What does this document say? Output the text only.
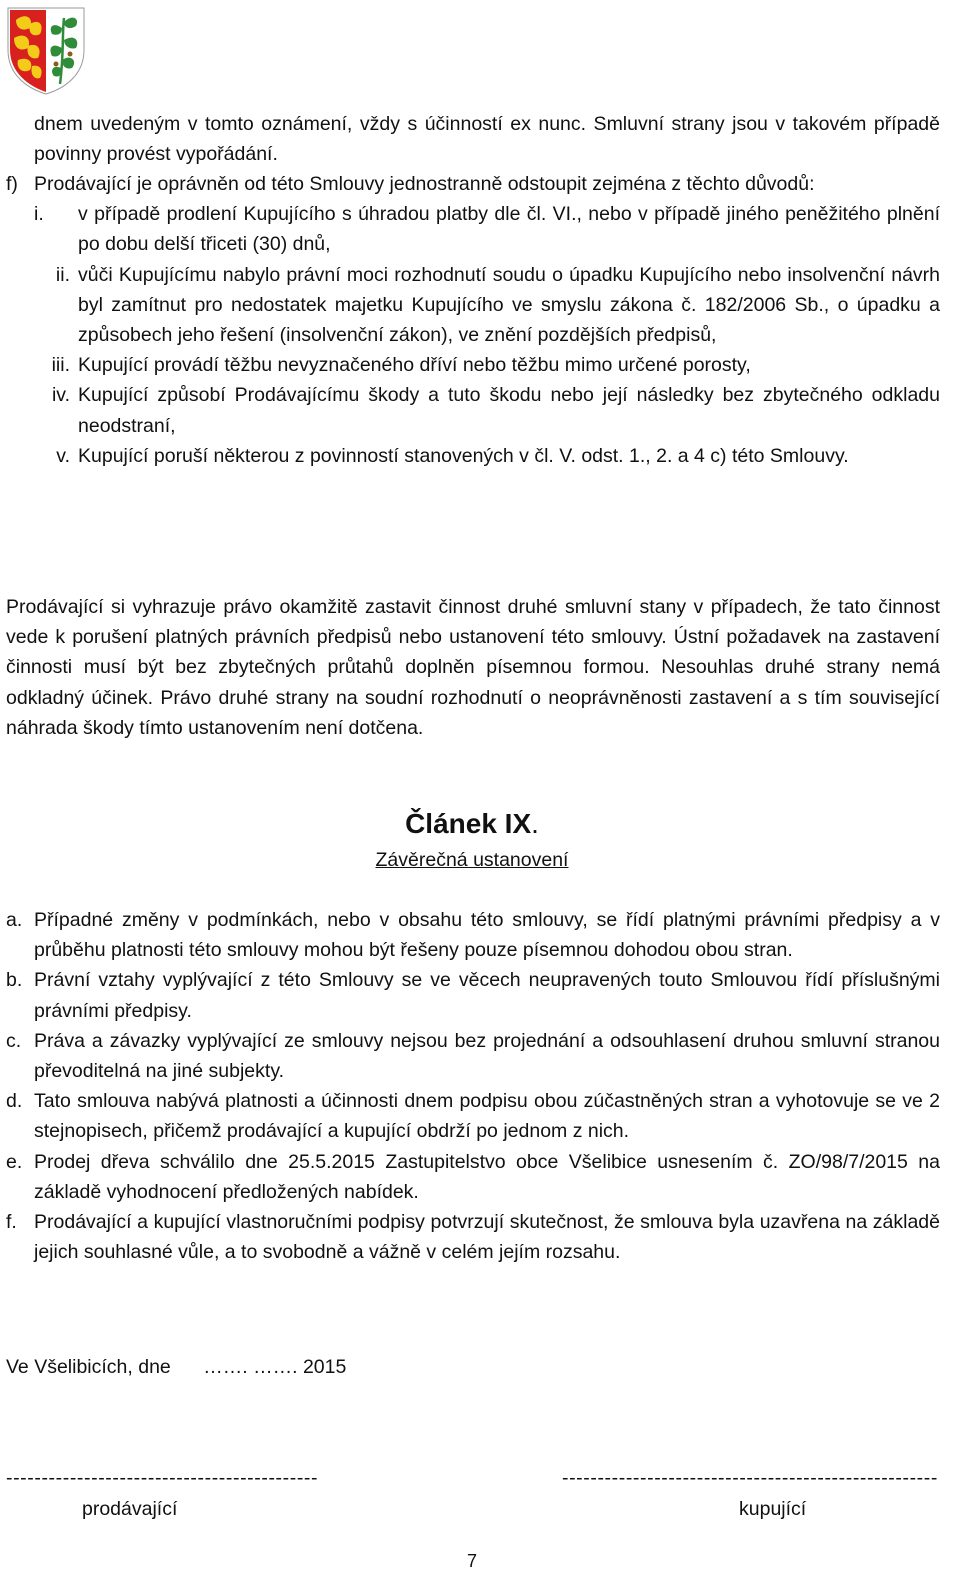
dnem uvedeným v tomto oznámení, vždy s účinností ex nunc. Smluvní strany jsou v takovém případě povinny provést vypořádání.
f) Prodávající je oprávněn od této Smlouvy jednostranně odstoupit zejména z těchto důvodů:
i.	v případě prodlení Kupujícího s úhradou platby dle čl. VI., nebo v případě jiného peněžitého plnění po dobu delší třiceti (30) dnů,
ii. vůči Kupujícímu nabylo právní moci rozhodnutí soudu o úpadku Kupujícího nebo insolvenční návrh byl zamítnut pro nedostatek majetku Kupujícího ve smyslu zákona č. 182/2006 Sb., o úpadku a způsobech jeho řešení (insolvenční zákon), ve znění pozdějších předpisů,
iii. Kupující provádí těžbu nevyznačeného dříví nebo těžbu mimo určené porosty,
iv. Kupující způsobí Prodávajícímu škody a tuto škodu nebo její následky bez zbytečného odkladu neodstraní,
v. Kupující poruší některou z povinností stanovených v čl. V. odst. 1., 2. a 4 c) této Smlouvy.
Prodávající si vyhrazuje právo okamžitě zastavit činnost druhé smluvní stany v případech, že tato činnost vede k porušení platných právních předpisů nebo ustanovení této smlouvy. Ústní požadavek na zastavení činnosti musí být bez zbytečných průtahů doplněn písemnou formou. Nesouhlas druhé strany nemá odkladný účinek. Právo druhé strany na soudní rozhodnutí o neoprávněnosti zastavení a s tím související náhrada škody tímto ustanovením není dotčena.
Článek IX.
Závěrečná ustanovení
a. Případné změny v podmínkách, nebo v obsahu této smlouvy, se řídí platnými právními předpisy a v průběhu platnosti této smlouvy mohou být řešeny pouze písemnou dohodou obou stran.
b. Právní vztahy vyplývající z této Smlouvy se ve věcech neupravených touto Smlouvou řídí příslušnými právními předpisy.
c. Práva a závazky vyplývající ze smlouvy nejsou bez projednání a odsouhlasení druhou smluvní stranou převoditelná na jiné subjekty.
d. Tato smlouva nabývá platnosti a účinnosti dnem podpisu obou zúčastněných stran a vyhotovuje se ve 2 stejnopisech, přičemž prodávající a kupující obdrží po jednom z nich.
e. Prodej dřeva schválilo dne 25.5.2015 Zastupitelstvo obce Všelibice usnesením č. ZO/98/7/2015 na základě vyhodnocení předložených nabídek.
f. Prodávající a kupující vlastnoručními podpisy potvrzují skutečnost, že smlouva byla uzavřena na základě jejich souhlasné vůle, a to svobodně a vážně v celém jejím rozsahu.
Ve Všelibicích, dne      ……. ……. 2015
--------------------------------------------	-----------------------------------------------------
prodávající	kupující
7
